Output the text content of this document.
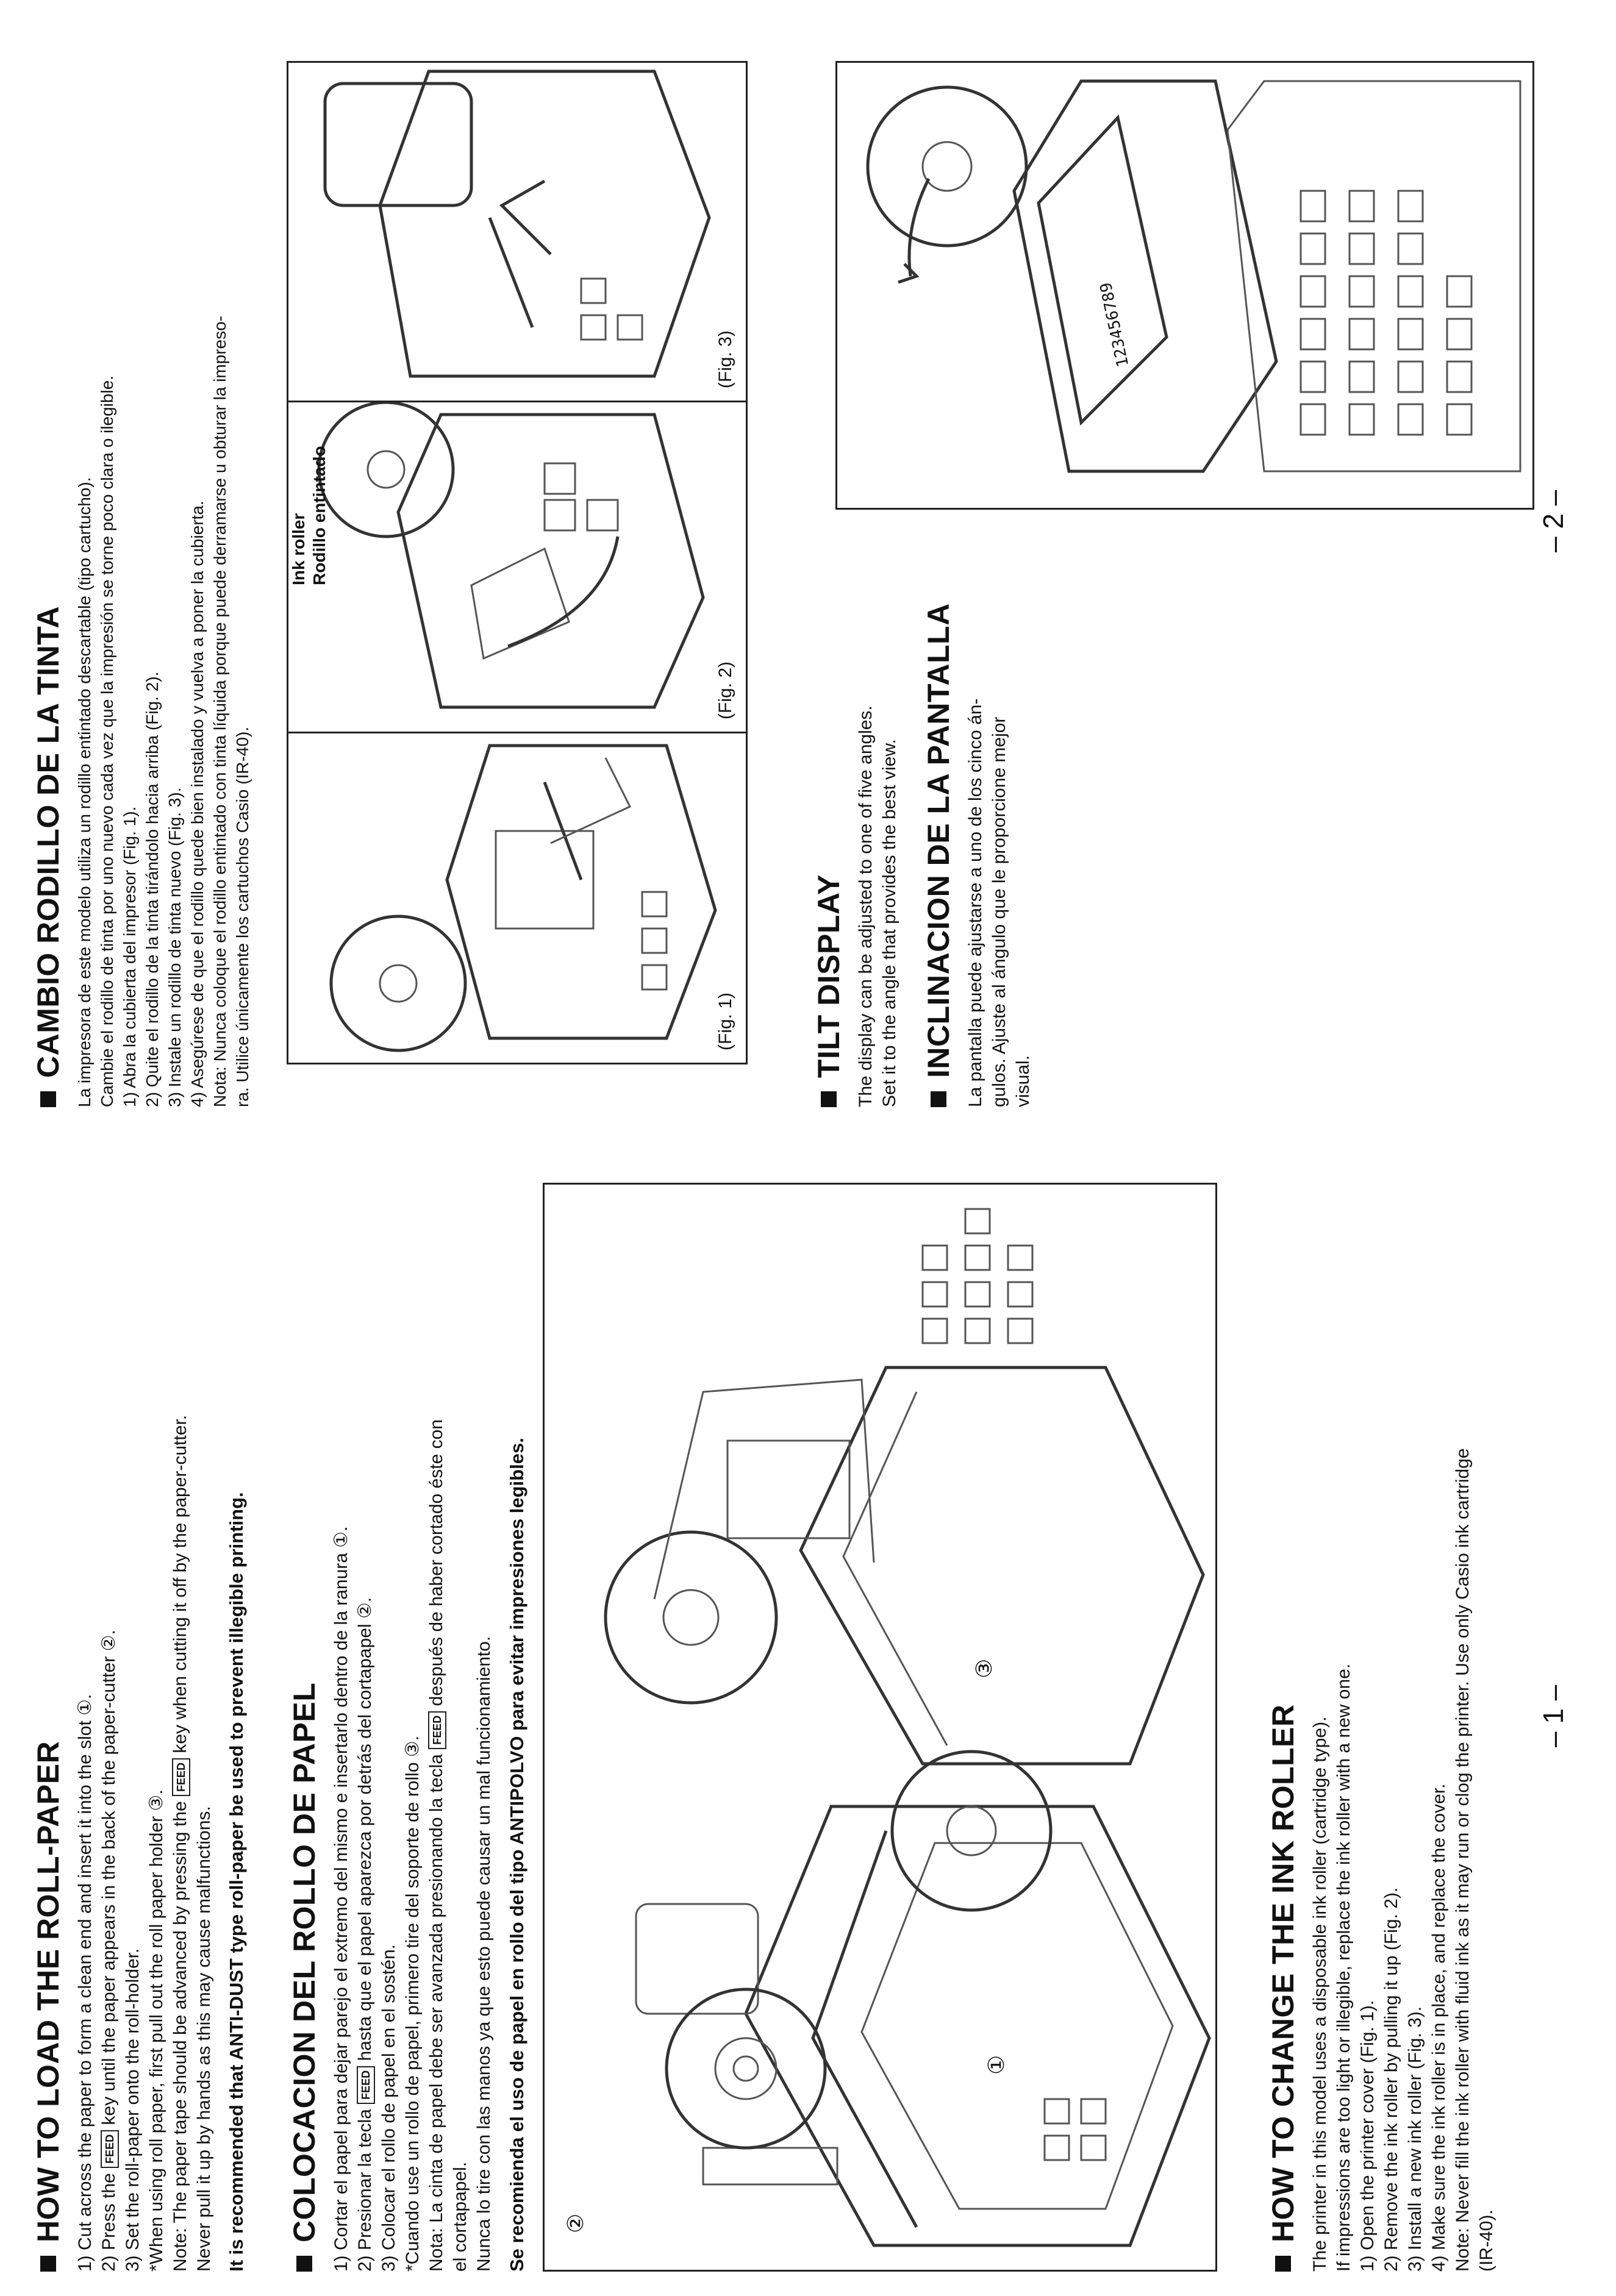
HOW TO LOAD THE ROLL-PAPER 1) Cut across the paper to form a clean end and insert it into the slot ①. 2) Press the FEED key until the paper appears in the back of the paper-cutter ②. 3) Set the roll-paper onto the roll-holder. *When using roll paper, first pull out the roll paper holder ③. Note: The paper tape should be advanced by pressing the FEED key when cutting it off by the paper-cutter.
Never pull it up by hands as this may cause malfunctions. It is recommended that ANTI-DUST type roll-paper be used to prevent illegible printing. COLOCACION DEL ROLLO DE PAPEL 1) Cortar el papel para dejar parejo el extremo del mismo e insertarlo dentro de la ranura ①. 2) Presionar la tecla FEED hasta que el papel aparezca por detrás del cortapapel ②.
3) Colocar el rollo de papel en el sostén. *Cuando use un rollo de papel, primero tire del soporte de rollo ③. Nota: La cinta de papel debe ser avanzada presionando la tecla FEED después de haber cortado éste con
el cortapapel. Nunca lo tire con las manos ya que esto puede causar un mal funcionamiento. Se recomienda el uso de papel en rollo del tipo ANTIPOLVO para evitar impresiones legibles. ②
①
③
HOW TO CHANGE THE INK ROLLER The printer in this model uses a disposable ink roller (cartridge type). If impressions are too light or illegible, replace the ink roller with a new one. 1) Open the printer cover (Fig. 1). 2) Remove the ink roller by pulling it up (Fig. 2). 3) Install a new ink roller (Fig. 3). 4) Make sure the ink roller is in place, and replace the cover. Note: Never fill the ink roller with fluid ink as it may run or clog the printer. Use only Casio ink cartridge (IR-40).
– 1 –
CAMBIO RODILLO DE LA TINTA La impresora de este modelo utiliza un rodillo entintado descartable (tipo cartucho). Cambie el rodillo de tinta por uno nuevo cada vez que la impresión se torne poco clara o ilegible. 1) Abra la cubierta del impresor (Fig. 1). 2) Quite el rodillo de la tinta tirándolo hacia arriba (Fig. 2). 3) Instale un rodillo de tinta nuevo (Fig. 3). 4) Asegúrese de que el rodillo quede bien instalado y vuelva a poner la cubierta. Nota: Nunca coloque el rodillo entintado con tinta líquida porque puede derramarse u obturar la impreso- ra. Utilice únicamente los cartuchos Casio (IR-40).	(Fig. 1)
(Fig. 2)
Ink roller Rodillo entintado
(Fig. 3)
TILT DISPLAY The display can be adjusted to one of five angles. Set it to the angle that provides the best view. INCLINACION DE LA PANTALLA La pantalla puede ajustarse a uno de los cinco án- gulos. Ajuste al ángulo que le proporcione mejor visual.
123456789
– 2 –
